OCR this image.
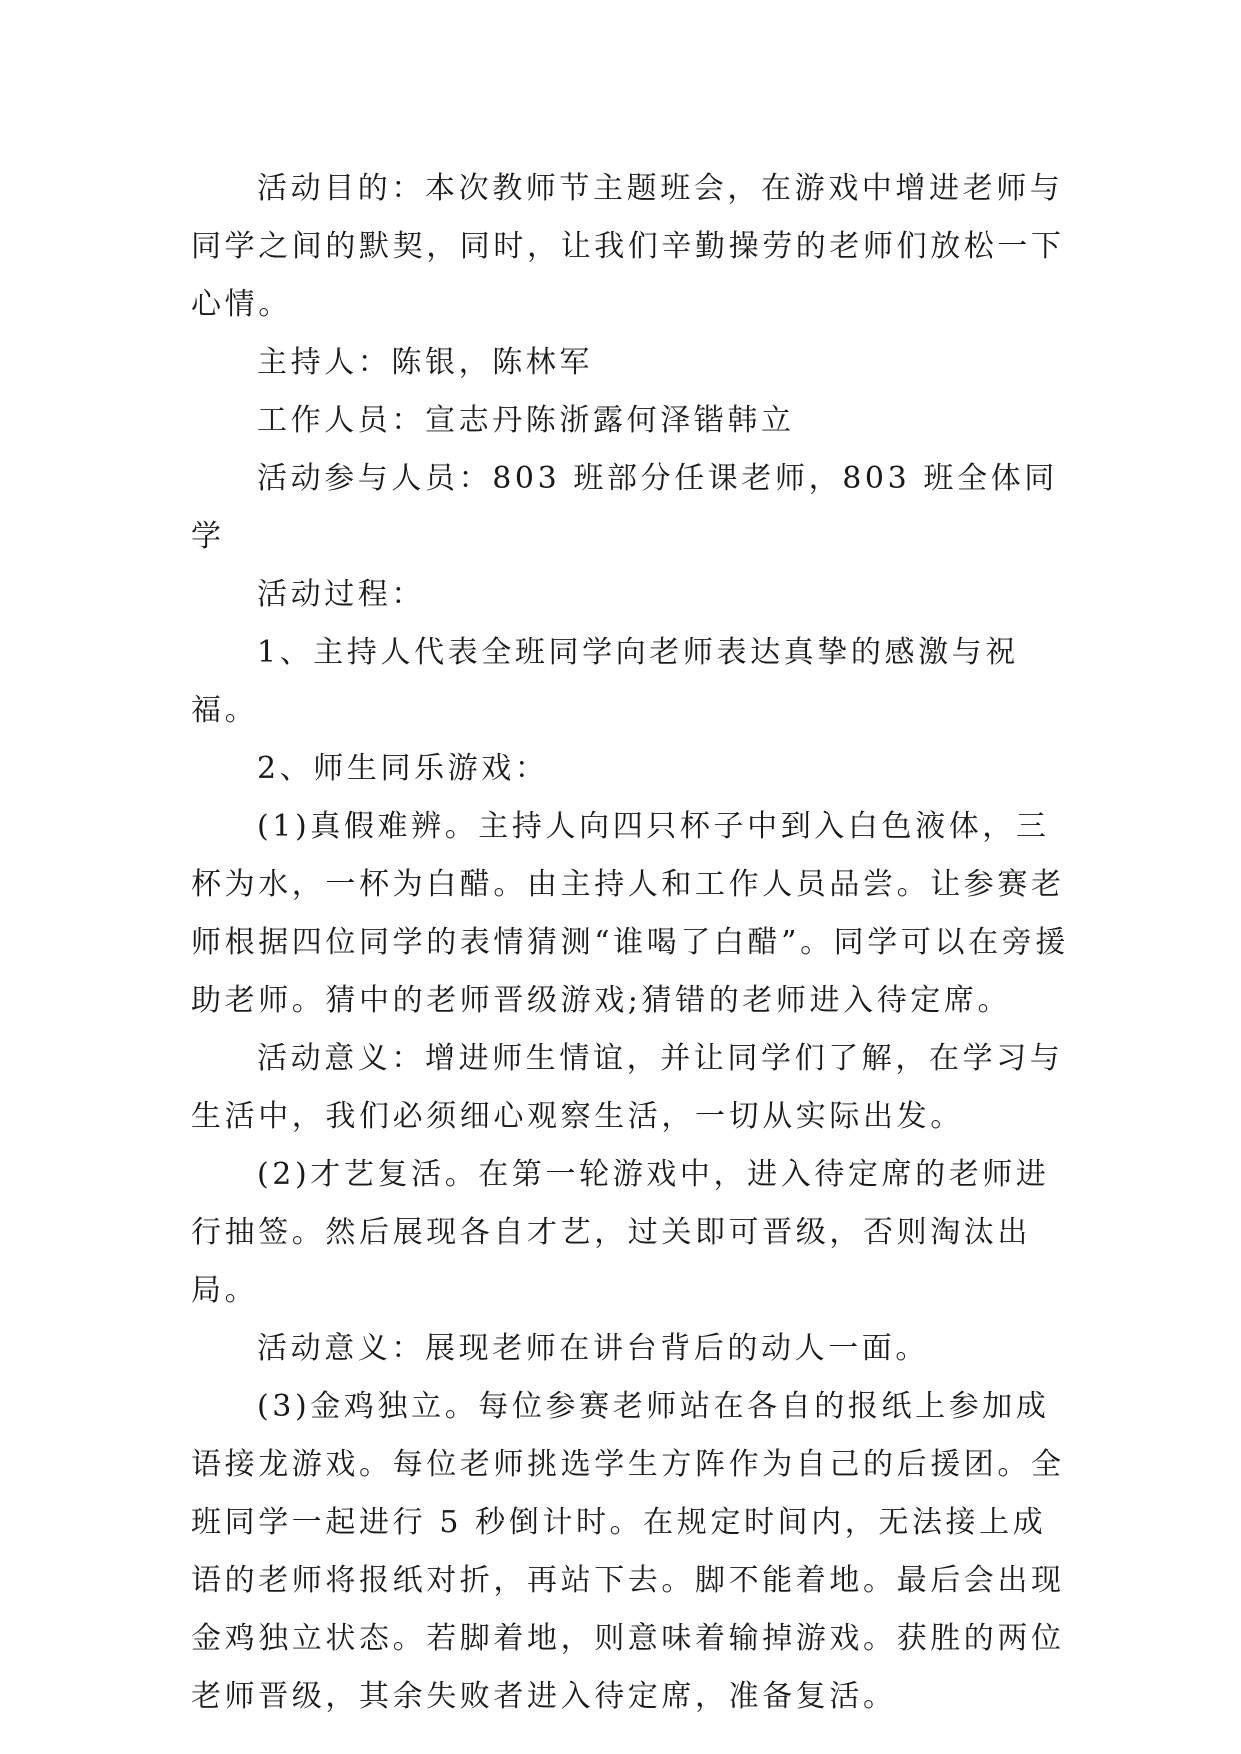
活动目的：本次教师节主题班会，在游戏中增进老师与同学之间的默契，同时，让我们辛勤操劳的老师们放松一下心情。

主持人：陈银，陈林军

工作人员：宣志丹陈浙露何泽锴韩立

活动参与人员：803 班部分任课老师，803 班全体同学

活动过程：

1、主持人代表全班同学向老师表达真挚的感激与祝福。

2、师生同乐游戏：

(1)真假难辨。主持人向四只杯子中到入白色液体，三杯为水，一杯为白醋。由主持人和工作人员品尝。让参赛老师根据四位同学的表情猜测“谁喝了白醋”。同学可以在旁援助老师。猜中的老师晋级游戏;猜错的老师进入待定席。

活动意义：增进师生情谊，并让同学们了解，在学习与生活中，我们必须细心观察生活，一切从实际出发。

(2)才艺复活。在第一轮游戏中，进入待定席的老师进行抽签。然后展现各自才艺，过关即可晋级，否则淘汰出局。

活动意义：展现老师在讲台背后的动人一面。

(3)金鸡独立。每位参赛老师站在各自的报纸上参加成语接龙游戏。每位老师挑选学生方阵作为自己的后援团。全班同学一起进行 5 秒倒计时。在规定时间内，无法接上成语的老师将报纸对折，再站下去。脚不能着地。最后会出现金鸡独立状态。若脚着地，则意味着输掉游戏。获胜的两位老师晋级，其余失败者进入待定席，准备复活。
